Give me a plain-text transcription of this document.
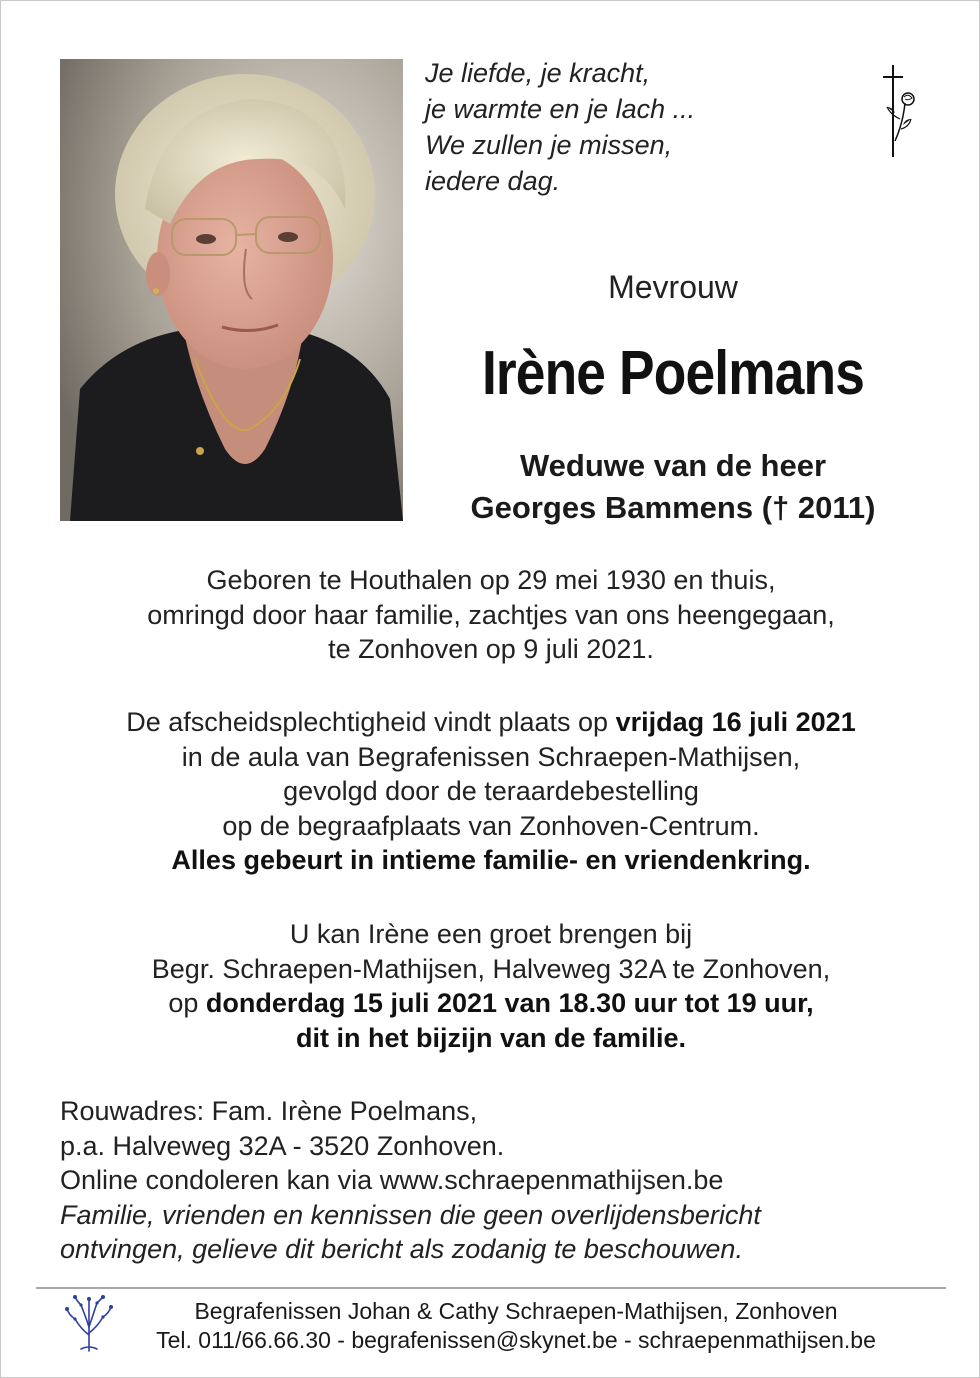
Je liefde, je kracht,
je warmte en je lach ...
We zullen je missen,
iedere dag.
Mevrouw
Irène Poelmans
Weduwe van de heer
Georges Bammens († 2011)
Geboren te Houthalen op 29 mei 1930 en thuis,
omringd door haar familie, zachtjes van ons heengegaan,
te Zonhoven op 9 juli 2021.
De afscheidsplechtigheid vindt plaats op vrijdag 16 juli 2021
in de aula van Begrafenissen Schraepen-Mathijsen,
gevolgd door de teraardebestelling
op de begraafplaats van Zonhoven-Centrum.
Alles gebeurt in intieme familie- en vriendenkring.
U kan Irène een groet brengen bij
Begr. Schraepen-Mathijsen, Halveweg 32A te Zonhoven,
op donderdag 15 juli 2021 van 18.30 uur tot 19 uur,
dit in het bijzijn van de familie.
Rouwadres: Fam. Irène Poelmans,
p.a. Halveweg 32A - 3520 Zonhoven.
Online condoleren kan via www.schraepenmathijsen.be
Familie, vrienden en kennissen die geen overlijdensbericht
ontvingen, gelieve dit bericht als zodanig te beschouwen.
Begrafenissen Johan & Cathy Schraepen-Mathijsen, Zonhoven
Tel. 011/66.66.30 - begrafenissen@skynet.be - schraepenmathijsen.be
